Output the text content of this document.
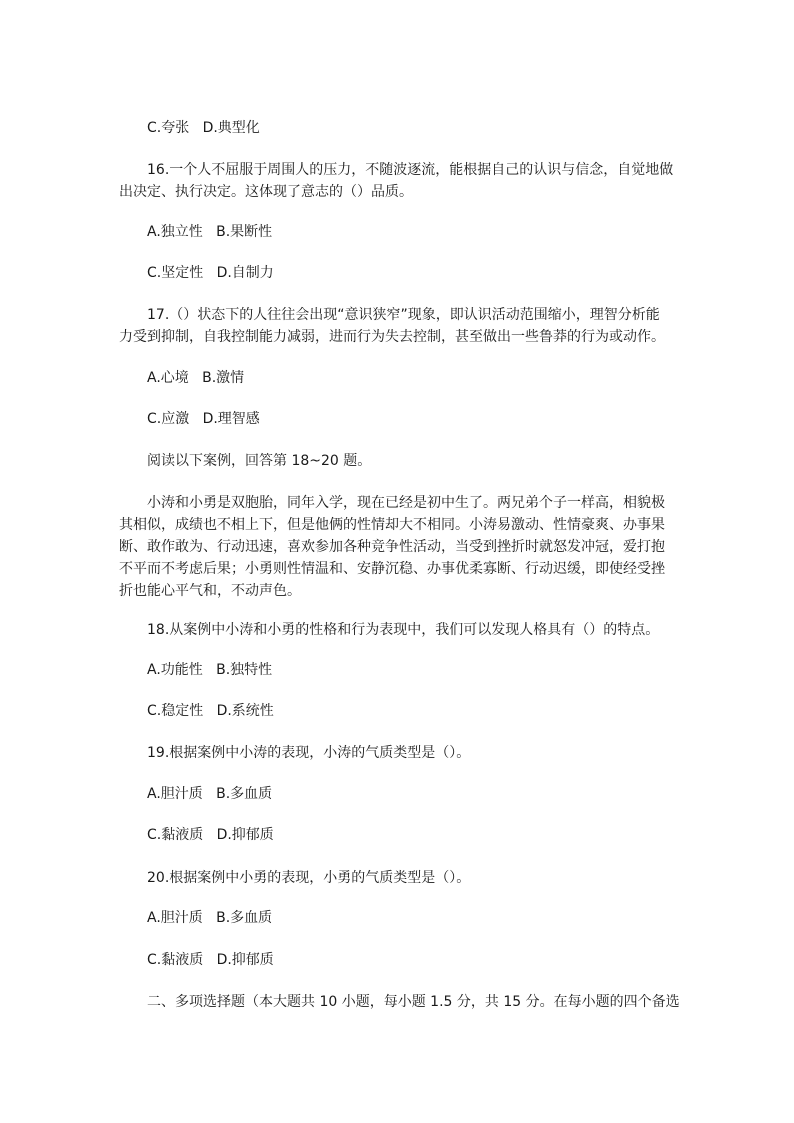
C.夸张   D.典型化
16.一个人不屈服于周围人的压力，不随波逐流，能根据自己的认识与信念，自觉地做
出决定、执行决定。这体现了意志的（）品质。
A.独立性   B.果断性
C.坚定性   D.自制力
17.（）状态下的人往往会出现“意识狭窄”现象，即认识活动范围缩小，理智分析能
力受到抑制，自我控制能力减弱，进而行为失去控制，甚至做出一些鲁莽的行为或动作。
A.心境   B.激情
C.应激   D.理智感
阅读以下案例，回答第 18~20 题。
小涛和小勇是双胞胎，同年入学，现在已经是初中生了。两兄弟个子一样高，相貌极
其相似，成绩也不相上下，但是他俩的性情却大不相同。小涛易激动、性情豪爽、办事果
断、敢作敢为、行动迅速，喜欢参加各种竞争性活动，当受到挫折时就怒发冲冠，爱打抱
不平而不考虑后果；小勇则性情温和、安静沉稳、办事优柔寡断、行动迟缓，即使经受挫
折也能心平气和，不动声色。
18.从案例中小涛和小勇的性格和行为表现中，我们可以发现人格具有（）的特点。
A.功能性   B.独特性
C.稳定性   D.系统性
19.根据案例中小涛的表现，小涛的气质类型是（）。
A.胆汁质   B.多血质
C.黏液质   D.抑郁质
20.根据案例中小勇的表现，小勇的气质类型是（）。
A.胆汁质   B.多血质
C.黏液质   D.抑郁质
二、多项选择题（本大题共 10 小题，每小题 1.5 分，共 15 分。在每小题的四个备选
